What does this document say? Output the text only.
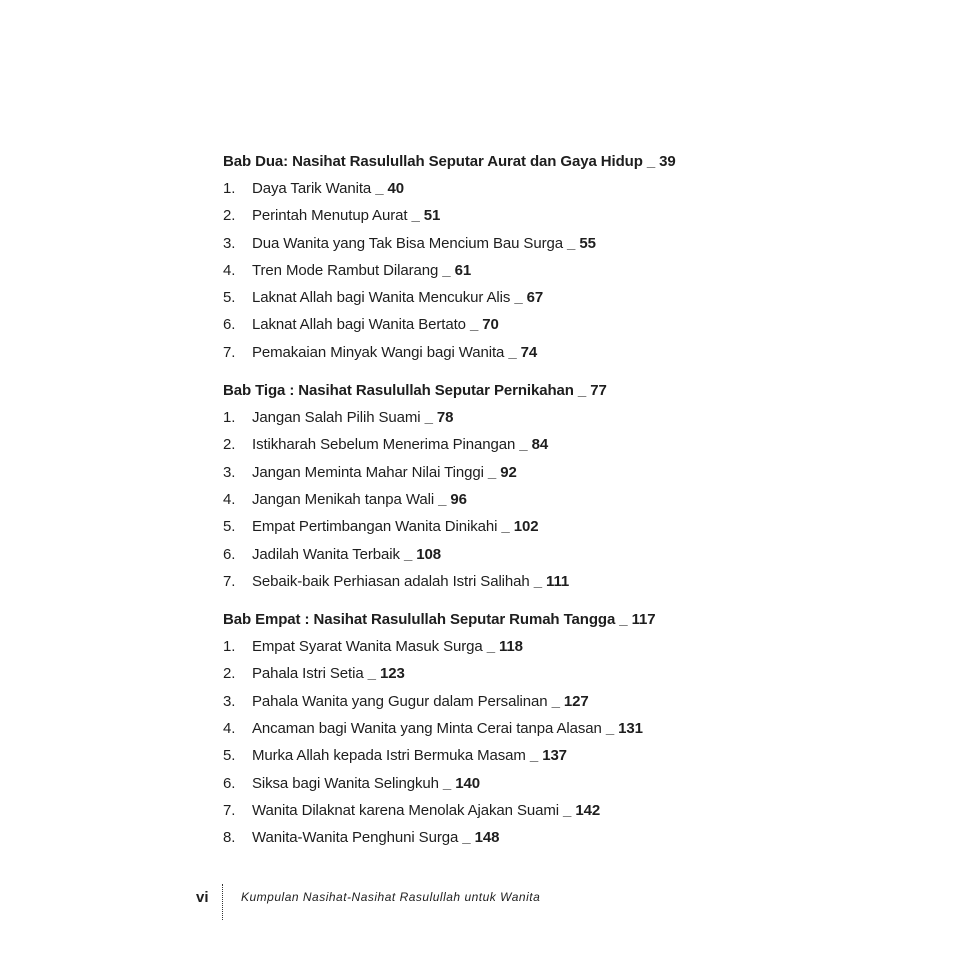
Bab Dua: Nasihat Rasulullah Seputar Aurat dan Gaya Hidup _ 39
1. Daya Tarik Wanita _ 40
2. Perintah Menutup Aurat _ 51
3. Dua Wanita yang Tak Bisa Mencium Bau Surga _ 55
4. Tren Mode Rambut Dilarang _ 61
5. Laknat Allah bagi Wanita Mencukur Alis _ 67
6. Laknat Allah bagi Wanita Bertato _ 70
7. Pemakaian Minyak Wangi bagi Wanita _ 74
Bab Tiga : Nasihat Rasulullah Seputar Pernikahan _ 77
1. Jangan Salah Pilih Suami _ 78
2. Istikharah Sebelum Menerima Pinangan _ 84
3. Jangan Meminta Mahar Nilai Tinggi _ 92
4. Jangan Menikah tanpa Wali _ 96
5. Empat Pertimbangan Wanita Dinikahi _ 102
6. Jadilah Wanita Terbaik _ 108
7. Sebaik-baik Perhiasan adalah Istri Salihah _ 111
Bab Empat : Nasihat Rasulullah Seputar Rumah Tangga _ 117
1. Empat Syarat Wanita Masuk Surga _ 118
2. Pahala Istri Setia _ 123
3. Pahala Wanita yang Gugur dalam Persalinan _ 127
4. Ancaman bagi Wanita yang Minta Cerai tanpa Alasan _ 131
5. Murka Allah kepada Istri Bermuka Masam _ 137
6. Siksa bagi Wanita Selingkuh _ 140
7. Wanita Dilaknat karena Menolak Ajakan Suami _ 142
8. Wanita-Wanita Penghuni Surga _ 148
vi	Kumpulan Nasihat-Nasihat Rasulullah untuk Wanita
